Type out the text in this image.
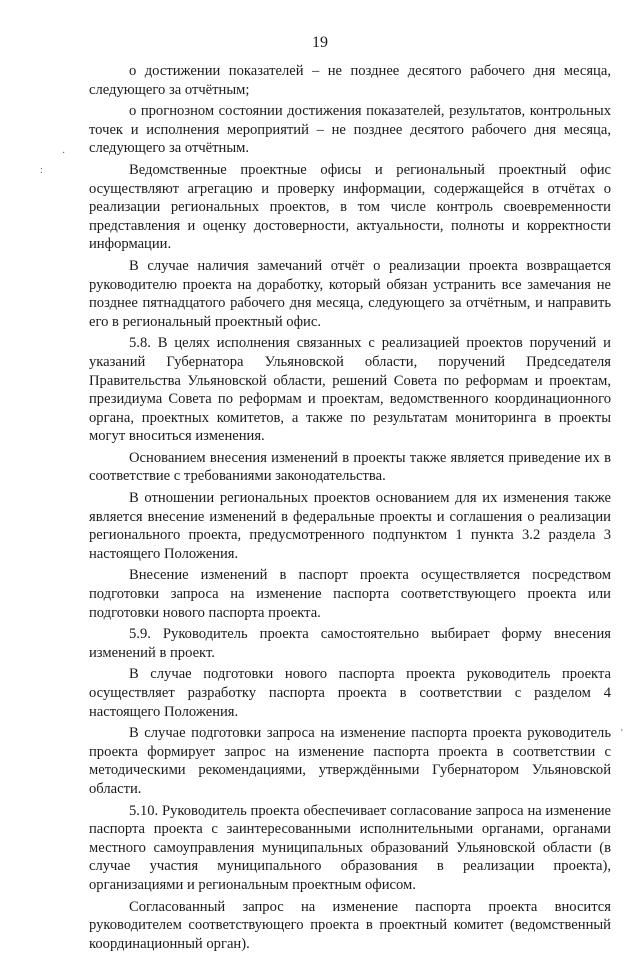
19

о достижении показателей – не позднее десятого рабочего дня месяца, следующего за отчётным;

о прогнозном состоянии достижения показателей, результатов, контрольных точек и исполнения мероприятий – не позднее десятого рабочего дня месяца, следующего за отчётным.

Ведомственные проектные офисы и региональный проектный офис осуществляют агрегацию и проверку информации, содержащейся в отчётах о реализации региональных проектов, в том числе контроль своевременности представления и оценку достоверности, актуальности, полноты и корректности информации.

В случае наличия замечаний отчёт о реализации проекта возвращается руководителю проекта на доработку, который обязан устранить все замечания не позднее пятнадцатого рабочего дня месяца, следующего за отчётным, и направить его в региональный проектный офис.

5.8. В целях исполнения связанных с реализацией проектов поручений и указаний Губернатора Ульяновской области, поручений Председателя Правительства Ульяновской области, решений Совета по реформам и проектам, президиума Совета по реформам и проектам, ведомственного координационного органа, проектных комитетов, а также по результатам мониторинга в проекты могут вноситься изменения.

Основанием внесения изменений в проекты также является приведение их в соответствие с требованиями законодательства.

В отношении региональных проектов основанием для их изменения также является внесение изменений в федеральные проекты и соглашения о реализации регионального проекта, предусмотренного подпунктом 1 пункта 3.2 раздела 3 настоящего Положения.

Внесение изменений в паспорт проекта осуществляется посредством подготовки запроса на изменение паспорта соответствующего проекта или подготовки нового паспорта проекта.

5.9. Руководитель проекта самостоятельно выбирает форму внесения изменений в проект.

В случае подготовки нового паспорта проекта руководитель проекта осуществляет разработку паспорта проекта в соответствии с разделом 4 настоящего Положения.

В случае подготовки запроса на изменение паспорта проекта руководитель проекта формирует запрос на изменение паспорта проекта в соответствии с методическими рекомендациями, утверждёнными Губернатором Ульяновской области.

5.10. Руководитель проекта обеспечивает согласование запроса на изменение паспорта проекта с заинтересованными исполнительными органами, органами местного самоуправления муниципальных образований Ульяновской области (в случае участия муниципального образования в реализации проекта), организациями и региональным проектным офисом.

Согласованный запрос на изменение паспорта проекта вносится руководителем соответствующего проекта в проектный комитет (ведомственный координационный орган).

·
:
'
